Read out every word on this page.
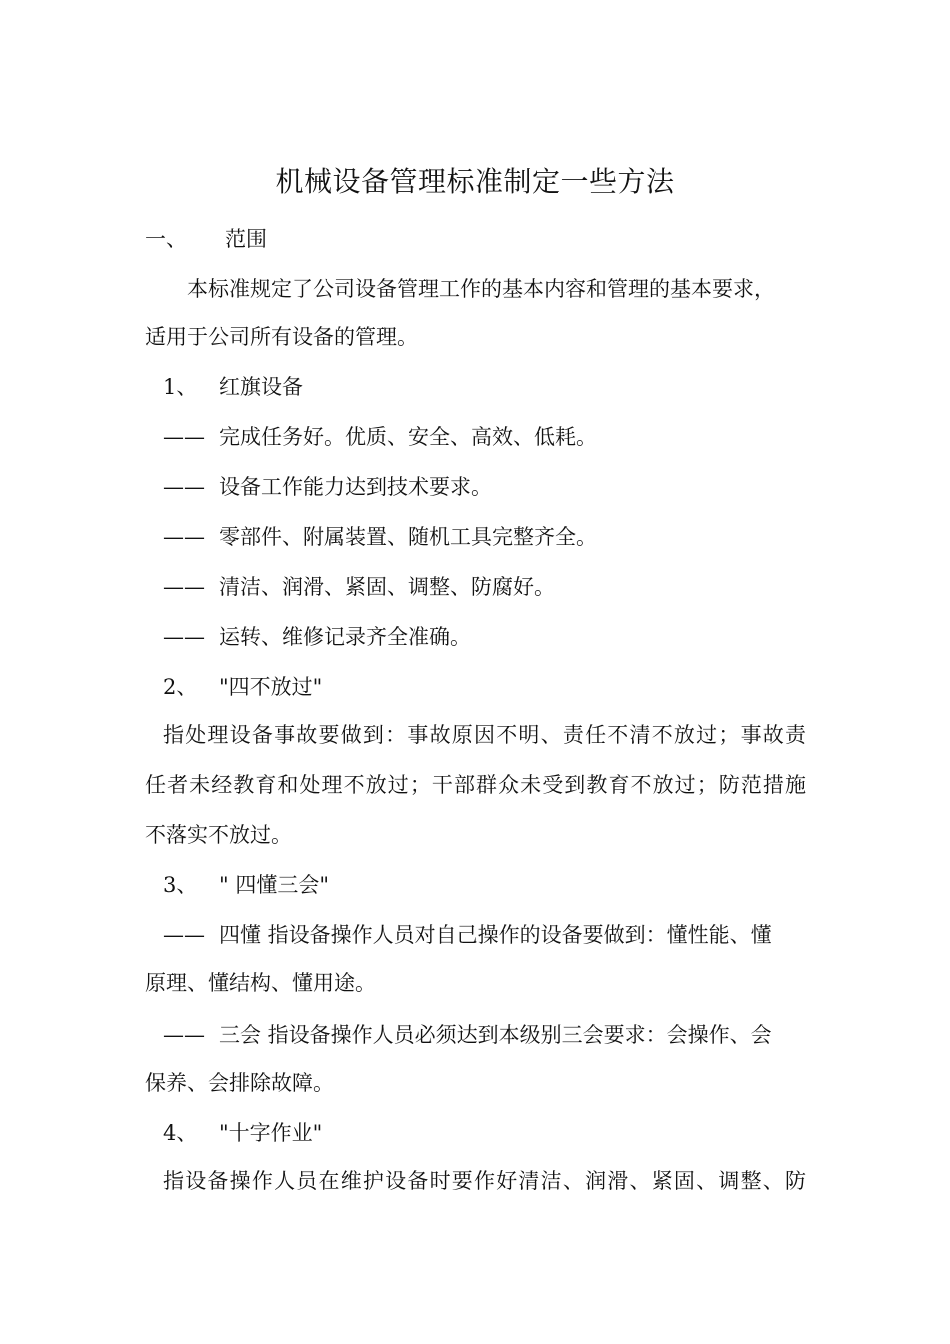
机械设备管理标准制定一些方法
一、 范围
本标准规定了公司设备管理工作的基本内容和管理的基本要求，
适用于公司所有设备的管理。
1、 红旗设备
—— 完成任务好。优质、安全、高效、低耗。
—— 设备工作能力达到技术要求。
—— 零部件、附属装置、随机工具完整齐全。
—— 清洁、润滑、紧固、调整、防腐好。
—— 运转、维修记录齐全准确。
2、 "四不放过"
指处理设备事故要做到：事故原因不明、责任不清不放过；事故责
任者未经教育和处理不放过；干部群众未受到教育不放过；防范措施
不落实不放过。
3、 " 四懂三会"
—— 四懂 指设备操作人员对自己操作的设备要做到：懂性能、懂
原理、懂结构、懂用途。
—— 三会 指设备操作人员必须达到本级别三会要求：会操作、会
保养、会排除故障。
4、 "十字作业"
指设备操作人员在维护设备时要作好清洁、润滑、紧固、调整、防
